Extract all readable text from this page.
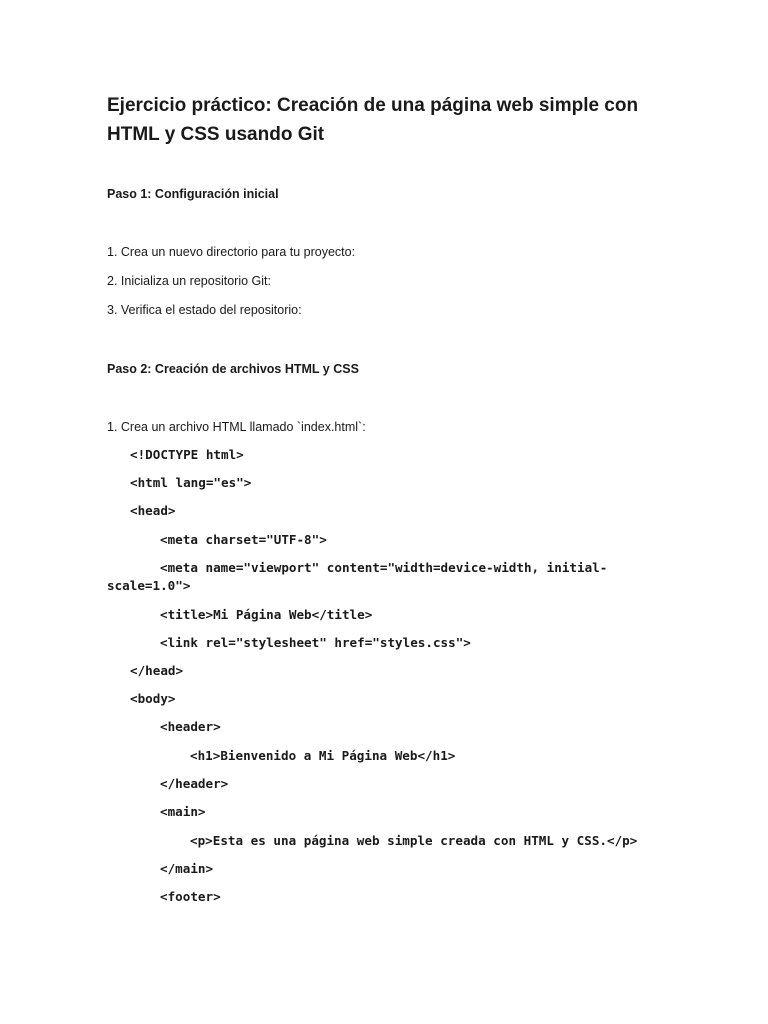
Ejercicio práctico: Creación de una página web simple con HTML y CSS usando Git

Paso 1: Configuración inicial

1. Crea un nuevo directorio para tu proyecto:

2. Inicializa un repositorio Git:

3. Verifica el estado del repositorio:

Paso 2: Creación de archivos HTML y CSS

1. Crea un archivo HTML llamado `index.html`:

<!DOCTYPE html>
<html lang="es">
<head>
<meta charset="UTF-8">
<meta name="viewport" content="width=device-width, initial-
scale=1.0">
<title>Mi Página Web</title>
<link rel="stylesheet" href="styles.css">
</head>
<body>
<header>
<h1>Bienvenido a Mi Página Web</h1>
</header>
<main>
<p>Esta es una página web simple creada con HTML y CSS.</p>
</main>
<footer>
